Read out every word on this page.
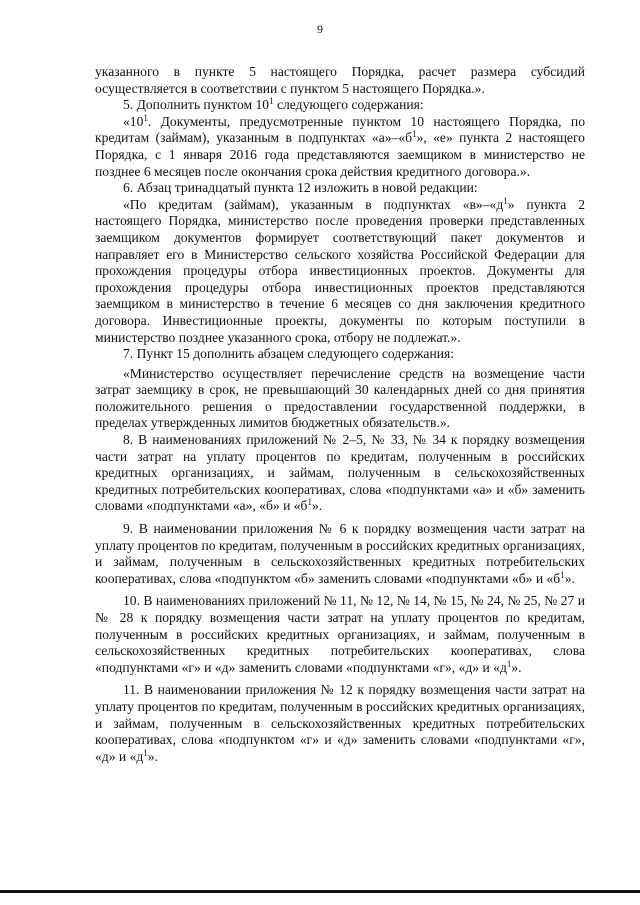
9

указанного в пункте 5 настоящего Порядка, расчет размера субсидий осуществляется в соответствии с пунктом 5 настоящего Порядка.».

5. Дополнить пунктом $10^1$ следующего содержания:

«$10^1$. Документы, предусмотренные пунктом 10 настоящего Порядка, по кредитам (займам), указанным в подпунктах «$а»-«б^1$», «е» пункта 2 настоящего Порядка, с 1 января 2016 года представляются заемщиком в министерство не позднее 6 месяцев после окончания срока действия кредитного договора.».

6. Абзац тринадцатый пункта 12 изложить в новой редакции:

«По кредитам (займам), указанным в подпунктах «$в»-«д^1$» пункта 2 настоящего Порядка, министерство после проведения проверки представленных заемщиком документов формирует соответствующий пакет документов и направляет его в Министерство сельского хозяйства Российской Федерации для прохождения процедуры отбора инвестиционных проектов. Документы для прохождения процедуры отбора инвестиционных проектов представляются заемщиком в министерство в течение 6 месяцев со дня заключения кредитного договора. Инвестиционные проекты, документы по которым поступили в министерство позднее указанного срока, отбору не подлежат.».

7. Пункт 15 дополнить абзацем следующего содержания:

«Министерство осуществляет перечисление средств на возмещение части затрат заемщику в срок, не превышающий 30 календарных дней со дня принятия положительного решения о предоставлении государственной поддержки, в пределах утвержденных лимитов бюджетных обязательств.».

8. В наименованиях приложений № 2–5, № 33, № 34 к порядку возмещения части затрат на уплату процентов по кредитам, полученным в российских кредитных организациях, и займам, полученным в сельскохозяйственных кредитных потребительских кооперативах, слова «подпунктами «а» и «б» заменить словами «подпунктами «а», «б» и «$б^1$».

9. В наименовании приложения № 6 к порядку возмещения части затрат на уплату процентов по кредитам, полученным в российских кредитных организациях, и займам, полученным в сельскохозяйственных кредитных потребительских кооперативах, слова «подпунктом «б» заменить словами «подпунктами «б» и «$б^1$».

10. В наименованиях приложений № 11, № 12, № 14, № 15, № 24, № 25, № 27 и № 28 к порядку возмещения части затрат на уплату процентов по кредитам, полученным в российских кредитных организациях, и займам, полученным в сельскохозяйственных кредитных потребительских кооперативах, слова «подпунктами «г» и «д» заменить словами «подпунктами «г», «д» и «$д^1$».

11. В наименовании приложения № 12 к порядку возмещения части затрат на уплату процентов по кредитам, полученным в российских кредитных организациях, и займам, полученным в сельскохозяйственных кредитных потребительских кооперативах, слова «подпунктом «г» и «д» заменить словами «подпунктами «г», «д» и «$д^1$».
